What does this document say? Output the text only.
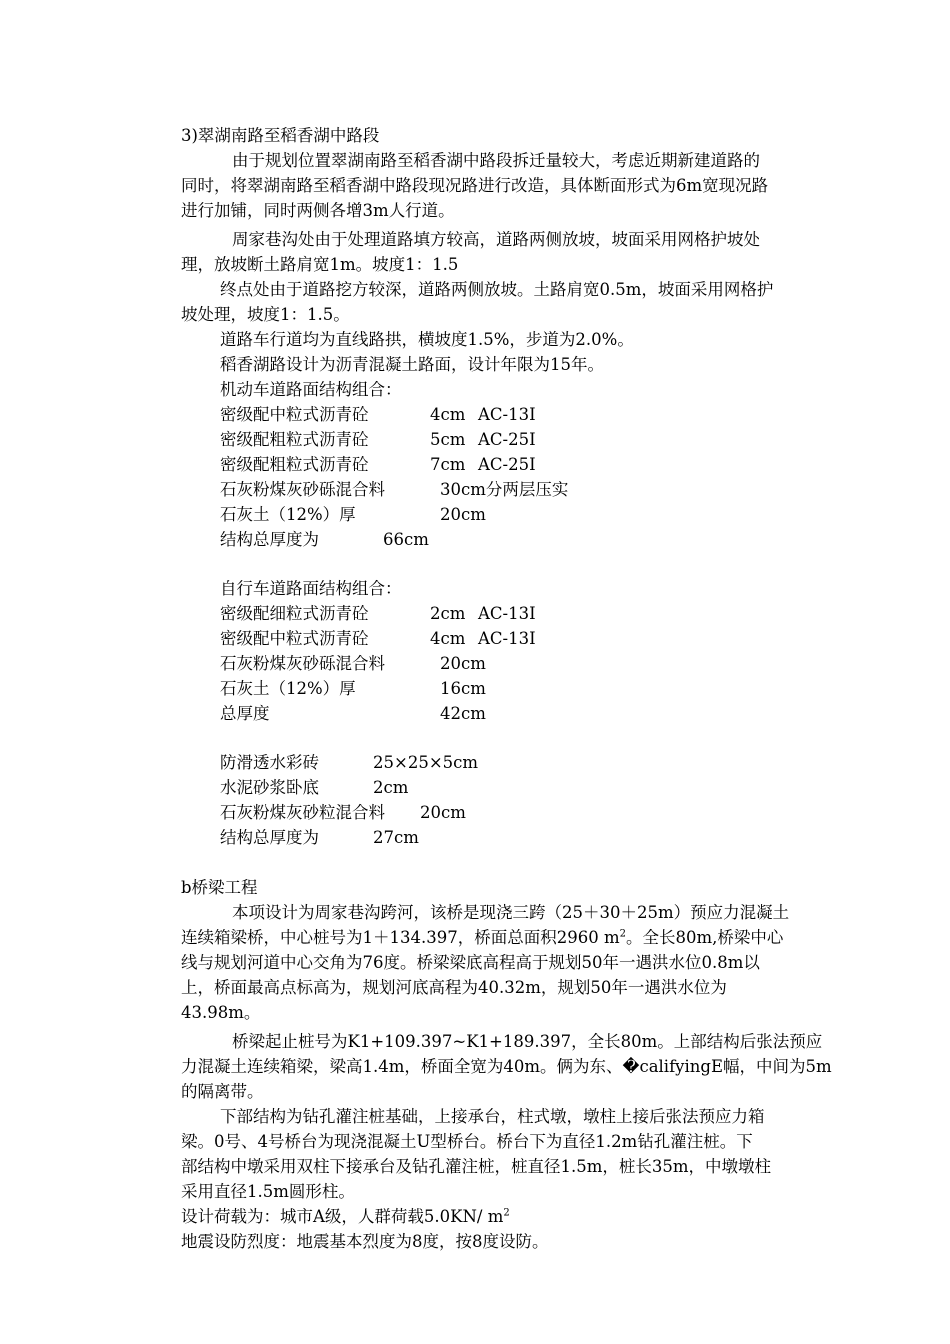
3)翠湖南路至稻香湖中路段
由于规划位置翠湖南路至稻香湖中路段拆迁量较大，考虑近期新建道路的
同时，将翠湖南路至稻香湖中路段现况路进行改造，具体断面形式为6m宽现况路
进行加铺，同时两侧各增3m人行道。
周家巷沟处由于处理道路填方较高，道路两侧放坡，坡面采用网格护坡处
理，放坡断土路肩宽1m。坡度1：1.5
终点处由于道路挖方较深，道路两侧放坡。土路肩宽0.5m，坡面采用网格护
坡处理，坡度1：1.5。
道路车行道均为直线路拱，横坡度1.5%，步道为2.0%。
稻香湖路设计为沥青混凝土路面，设计年限为15年。
机动车道路面结构组合：
密级配中粒式沥青砼	4cm AC-13I
密级配粗粒式沥青砼	5cm AC-25I
密级配粗粒式沥青砼	7cm AC-25I
石灰粉煤灰砂砾混合料	30cm分两层压实
石灰土（12%）厚	20cm
结构总厚度为	66cm
自行车道路面结构组合：
密级配细粒式沥青砼	2cm AC-13I
密级配中粒式沥青砼	4cm AC-13I
石灰粉煤灰砂砾混合料	20cm
石灰土（12%）厚	16cm
总厚度	42cm
防滑透水彩砖	25×25×5cm
水泥砂浆卧底	2cm
石灰粉煤灰砂粒混合料 20cm
结构总厚度为	27cm
b桥梁工程
本项设计为周家巷沟跨河，该桥是现浇三跨（25＋30＋25m）预应力混凝土
连续箱梁桥，中心桩号为1＋134.397，桥面总面积2960 $m^2$。全长80m,桥梁中心
线与规划河道中心交角为76度。桥梁梁底高程高于规划50年一遇洪水位0.8m以
上，桥面最高点标高为，规划河底高程为40.32m，规划50年一遇洪水位为
43.98m。
桥梁起止桩号为K1+109.397~K1+189.397，全长80m。上部结构后张法预应
力混凝土连续箱梁，梁高1.4m，桥面全宽为40m。俩为东、�califyingE幅，中间为5m
的隔离带。
下部结构为钻孔灌注桩基础，上接承台，柱式墩，墩柱上接后张法预应力箱
梁。0号、4号桥台为现浇混凝土U型桥台。桥台下为直径1.2m钻孔灌注桩。下
部结构中墩采用双柱下接承台及钻孔灌注桩，桩直径1.5m，桩长35m，中墩墩柱
采用直径1.5m圆形柱。
设计荷载为：城市A级，人群荷载5.0KN/ $m^2$
地震设防烈度：地震基本烈度为8度，按8度设防。
